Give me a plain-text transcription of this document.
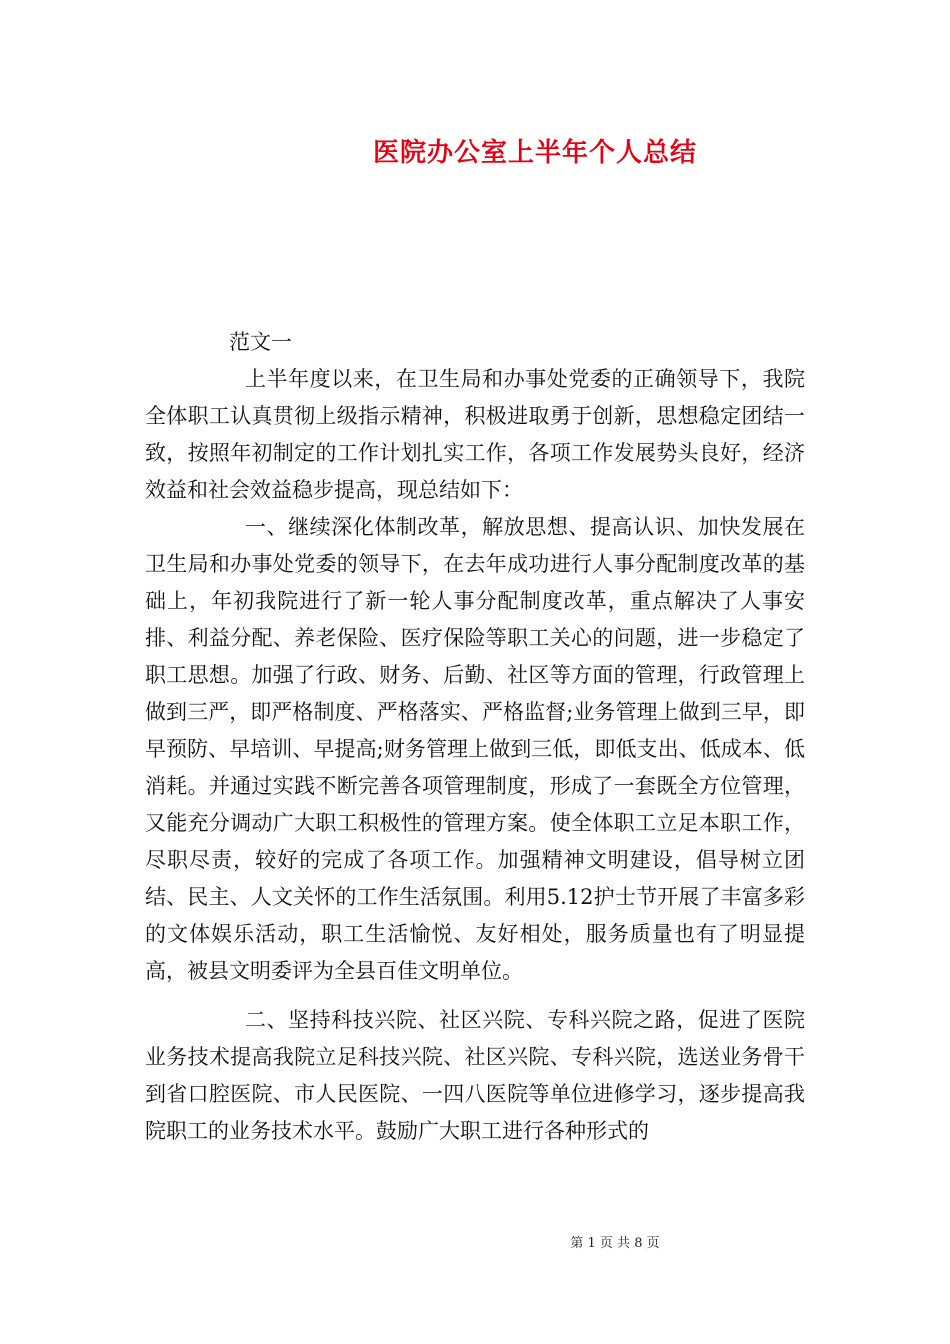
医院办公室上半年个人总结

范文一

上半年度以来，在卫生局和办事处党委的正确领导下，我院全体职工认真贯彻上级指示精神，积极进取勇于创新，思想稳定团结一致，按照年初制定的工作计划扎实工作，各项工作发展势头良好，经济效益和社会效益稳步提高，现总结如下：

一、继续深化体制改革，解放思想、提高认识、加快发展在卫生局和办事处党委的领导下，在去年成功进行人事分配制度改革的基础上，年初我院进行了新一轮人事分配制度改革，重点解决了人事安排、利益分配、养老保险、医疗保险等职工关心的问题，进一步稳定了职工思想。加强了行政、财务、后勤、社区等方面的管理，行政管理上做到三严，即严格制度、严格落实、严格监督;业务管理上做到三早，即早预防、早培训、早提高;财务管理上做到三低，即低支出、低成本、低消耗。并通过实践不断完善各项管理制度，形成了一套既全方位管理，又能充分调动广大职工积极性的管理方案。使全体职工立足本职工作，尽职尽责，较好的完成了各项工作。加强精神文明建设，倡导树立团结、民主、人文关怀的工作生活氛围。利用5.12护士节开展了丰富多彩的文体娱乐活动，职工生活愉悦、友好相处，服务质量也有了明显提高，被县文明委评为全县百佳文明单位。

二、坚持科技兴院、社区兴院、专科兴院之路，促进了医院业务技术提高我院立足科技兴院、社区兴院、专科兴院，选送业务骨干到省口腔医院、市人民医院、一四八医院等单位进修学习，逐步提高我院职工的业务技术水平。鼓励广大职工进行各种形式的

第 1 页 共 8 页
